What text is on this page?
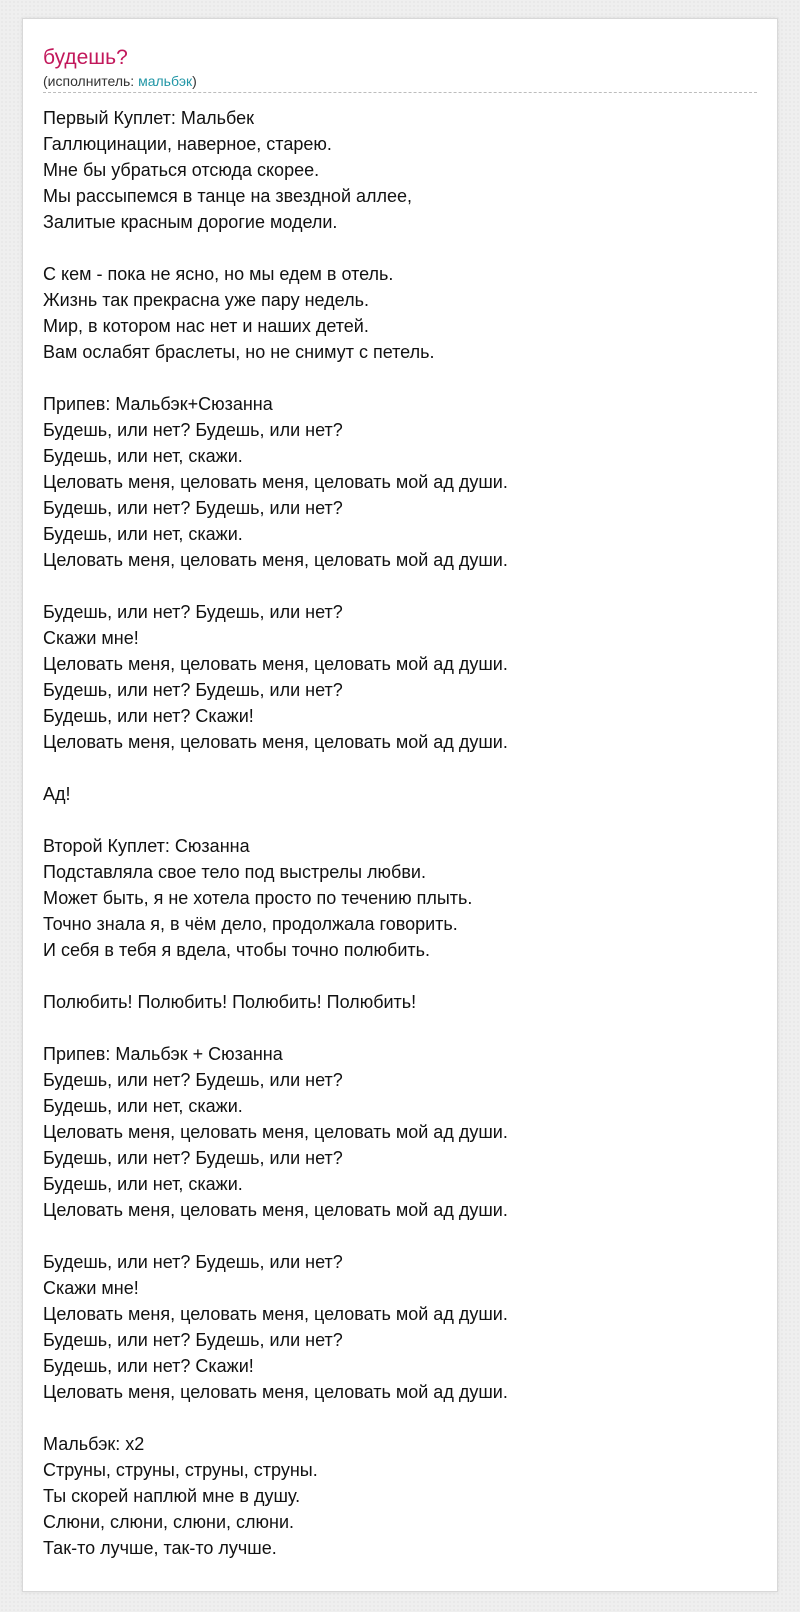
будешь?
(исполнитель: мальбэк)
Первый Куплет: Мальбек
Галлюцинации, наверное, старею.
Мне бы убраться отсюда скорее.
Мы рассыпемся в танце на звездной аллее,
Залитые красным дорогие модели.
С кем - пока не ясно, но мы едем в отель.
Жизнь так прекрасна уже пару недель.
Мир, в котором нас нет и наших детей.
Вам ослабят браслеты, но не снимут с петель.
Припев: Мальбэк+Сюзанна
Будешь, или нет? Будешь, или нет?
Будешь, или нет, скажи.
Целовать меня, целовать меня, целовать мой ад души.
Будешь, или нет? Будешь, или нет?
Будешь, или нет, скажи.
Целовать меня, целовать меня, целовать мой ад души.
Будешь, или нет? Будешь, или нет?
Скажи мне!
Целовать меня, целовать меня, целовать мой ад души.
Будешь, или нет? Будешь, или нет?
Будешь, или нет? Скажи!
Целовать меня, целовать меня, целовать мой ад души.
Ад!
Второй Куплет: Сюзанна
Подставляла свое тело под выстрелы любви.
Может быть, я не хотела просто по течению плыть.
Точно знала я, в чём дело, продолжала говорить.
И себя в тебя я вдела, чтобы точно полюбить.
Полюбить! Полюбить! Полюбить! Полюбить!
Припев: Мальбэк + Сюзанна
Будешь, или нет? Будешь, или нет?
Будешь, или нет, скажи.
Целовать меня, целовать меня, целовать мой ад души.
Будешь, или нет? Будешь, или нет?
Будешь, или нет, скажи.
Целовать меня, целовать меня, целовать мой ад души.
Будешь, или нет? Будешь, или нет?
Скажи мне!
Целовать меня, целовать меня, целовать мой ад души.
Будешь, или нет? Будешь, или нет?
Будешь, или нет? Скажи!
Целовать меня, целовать меня, целовать мой ад души.
Мальбэк: x2
Струны, струны, струны, струны.
Ты скорей наплюй мне в душу.
Слюни, слюни, слюни, слюни.
Так-то лучше, так-то лучше.
